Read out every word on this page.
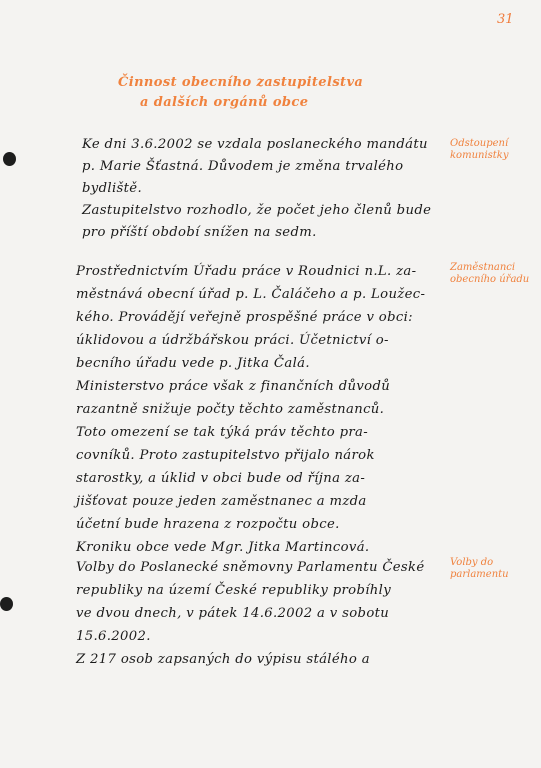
31
Činnost obecního zastupitelstva
a dalších orgánů obce
Odstoupení
komunistky
Zaměstnanci
obecního úřadu
Volby do
parlamentu
Ke dni 3.6.2002 se vzdala poslaneckého mandátu
p. Marie Šťastná. Důvodem je změna trvalého
bydliště.
Zastupitelstvo rozhodlo, že počet jeho členů bude
pro příští období snížen na sedm.
Prostřednictvím Úřadu práce v Roudnici n.L. za-
městnává obecní úřad p. L. Čaláčeho a p. Loužec-
kého. Provádějí veřejně prospěšné práce v obci:
úklidovou a údržbářskou práci. Účetnictví o-
becního úřadu vede p. Jitka Čalá.
Ministerstvo práce však z finančních důvodů
razantně snižuje počty těchto zaměstnanců.
Toto omezení se tak týká práv těchto pra-
covníků. Proto zastupitelstvo přijalo nárok
starostky, a úklid v obci bude od října za-
jišťovat pouze jeden zaměstnanec a mzda
účetní bude hrazena z rozpočtu obce.
Kroniku obce vede Mgr. Jitka Martincová.
Volby do Poslanecké sněmovny Parlamentu České
republiky na území České republiky probíhly
ve dvou dnech, v pátek 14.6.2002 a v sobotu
15.6.2002.
Z 217 osob zapsaných do výpisu stálého a
